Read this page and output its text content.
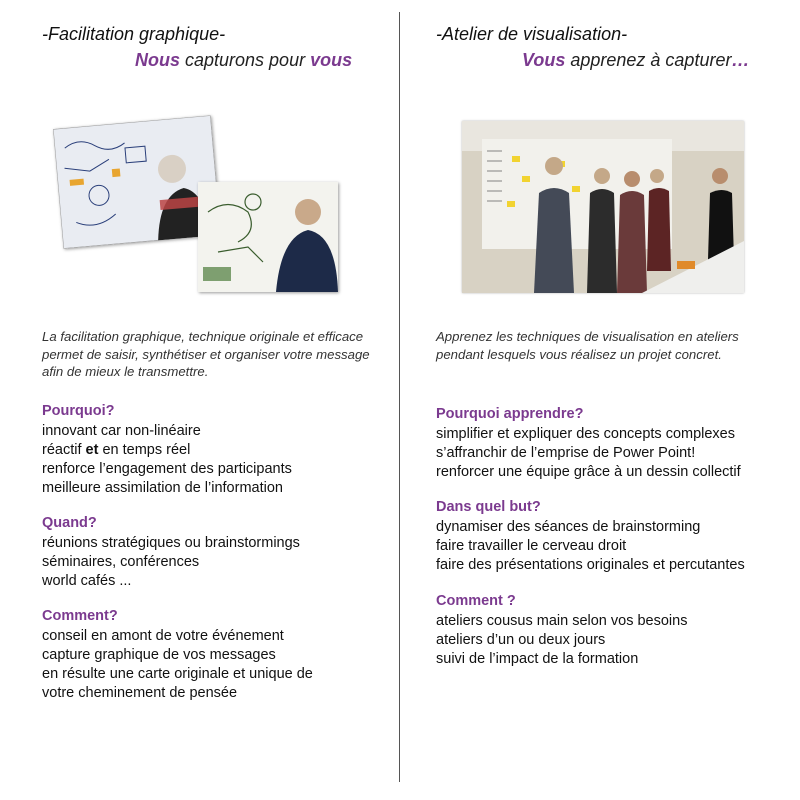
-Facilitation graphique-
Nous capturons pour vous
La facilitation graphique, technique originale et efficace permet de saisir, synthétiser et organiser votre message afin de mieux le transmettre.
Pourquoi?
innovant car non-linéaire
réactif et en temps réel
renforce l’engagement des participants
meilleure assimilation de l’information
Quand?
réunions stratégiques ou brainstormings
séminaires, conférences
world cafés ...
Comment?
conseil en amont de votre événement
capture graphique de vos messages
en résulte une carte originale et unique de
votre cheminement de pensée
-Atelier de visualisation-
Vous apprenez à capturer…
Apprenez les techniques de visualisation en ateliers pendant lesquels vous réalisez un projet concret.
Pourquoi apprendre?
simplifier et expliquer des concepts complexes
s’affranchir de l’emprise de Power Point!
renforcer une équipe grâce à un dessin collectif
Dans quel but?
dynamiser des séances de brainstorming
faire travailler le cerveau droit
faire des présentations originales et percutantes
Comment ?
ateliers cousus main selon vos besoins
ateliers d’un ou deux jours
suivi de l’impact de la formation
